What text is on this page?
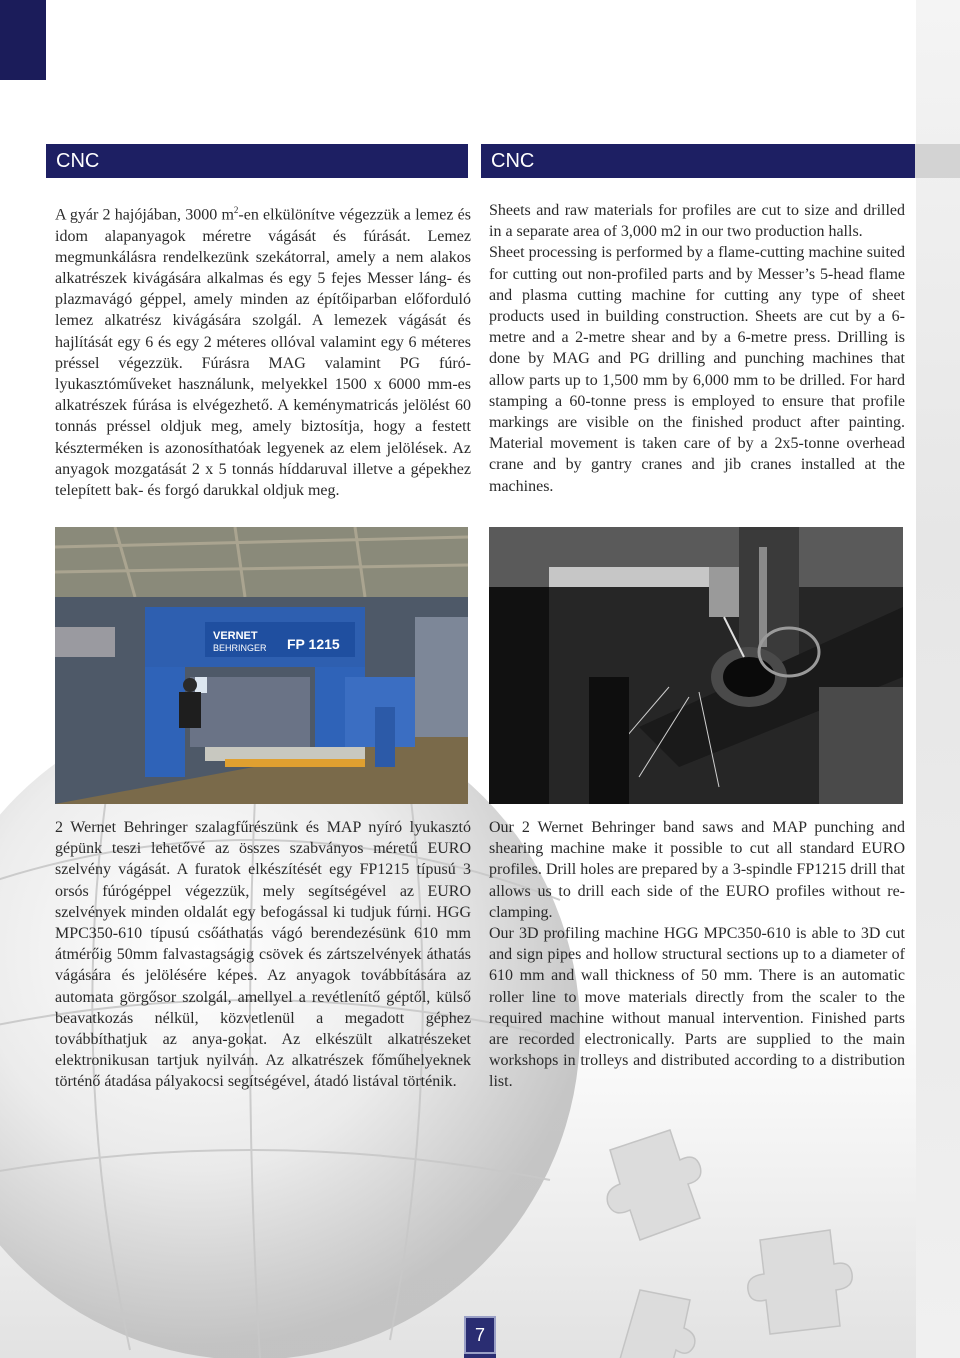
CNC	CNC

A gyár 2 hajójában, 3000 $m^2-en$ elkülönítve végezzük a lemez és idom alapanyagok méretre vágását és fúrását. Lemez megmunkálásra rendelkezünk szekátorral, amely a nem alakos alkatrészek kivágására alkalmas és egy 5 fejes Messer láng- és plazmavágó géppel, amely minden az építőiparban előforduló lemez alkatrész kivágására szolgál. A lemezek vágását és hajlítását egy 6 és egy 2 méteres ollóval valamint egy 6 méteres préssel végezzük. Fúrásra MAG valamint PG fúró-lyukasztóműveket használunk, melyekkel 1500 x 6000 mm-es alkatrészek fúrása is elvégezhető. A keménymatricás jelölést 60 tonnás préssel oldjuk meg, amely biztosítja, hogy a festett készterméken is azonosíthatóak legyenek az elem jelölések. Az anyagok mozgatását 2 x 5 tonnás híddaruval illetve a gépekhez telepített bak- és forgó darukkal oldjuk meg.

Sheets and raw materials for profiles are cut to size and drilled in a separate area of 3,000 m2 in our two production halls.

Sheet processing is performed by a flame-cutting machine suited for cutting out non-profiled parts and by Messer’s 5-head flame and plasma cutting machine for cutting any type of sheet products used in building construction. Sheets are cut by a 6-metre and a 2-metre shear and by a 6-metre press. Drilling is done by MAG and PG drilling and punching machines that allow parts up to 1,500 mm by 6,000 mm to be drilled. For hard stamping a 60-tonne press is employed to ensure that profile markings are visible on the finished product after painting. Material movement is taken care of by a 2x5-tonne overhead crane and by gantry cranes and jib cranes installed at the machines.

VERNET
BEHRINGER FP 1215

2 Wernet Behringer szalagfűrészünk és MAP nyíró lyukasztó gépünk teszi lehetővé az összes szabványos méretű EURO szelvény vágását. A furatok elkészítését egy FP1215 típusú 3 orsós fúrógéppel végezzük, mely segítségével az EURO szelvények minden oldalát egy befogással ki tudjuk fúrni. HGG MPC350-610 típusú csőáthatás vágó berendezésünk 610 mm átmérőig 50mm falvastagságig csövek és zártszelvények áthatás vágására és jelölésére képes. Az anyagok továbbítására az automata görgősor szolgál, amellyel a revétlenítő géptől, külső beavatkozás nélkül, közvetlenül a megadott géphez továbbíthatjuk az anya-gokat. Az elkészült alkatrészeket elektronikusan tartjuk nyilván. Az alkatrészek főműhelyeknek történő átadása pályakocsi segítségével, átadó listával történik.

Our 2 Wernet Behringer band saws and MAP punching and shearing machine make it possible to cut all standard EURO profiles. Drill holes are prepared by a 3-spindle FP1215 drill that allows us to drill each side of the EURO profiles without re-clamping.

Our 3D profiling machine HGG MPC350-610 is able to 3D cut and sign pipes and hollow structural sections up to a diameter of 610 mm and wall thickness of 50 mm. There is an automatic roller line to move materials directly from the scaler to the required machine without manual intervention. Finished parts are recorded electronically. Parts are supplied to the main workshops in trolleys and distributed according to a distribution list.

7
